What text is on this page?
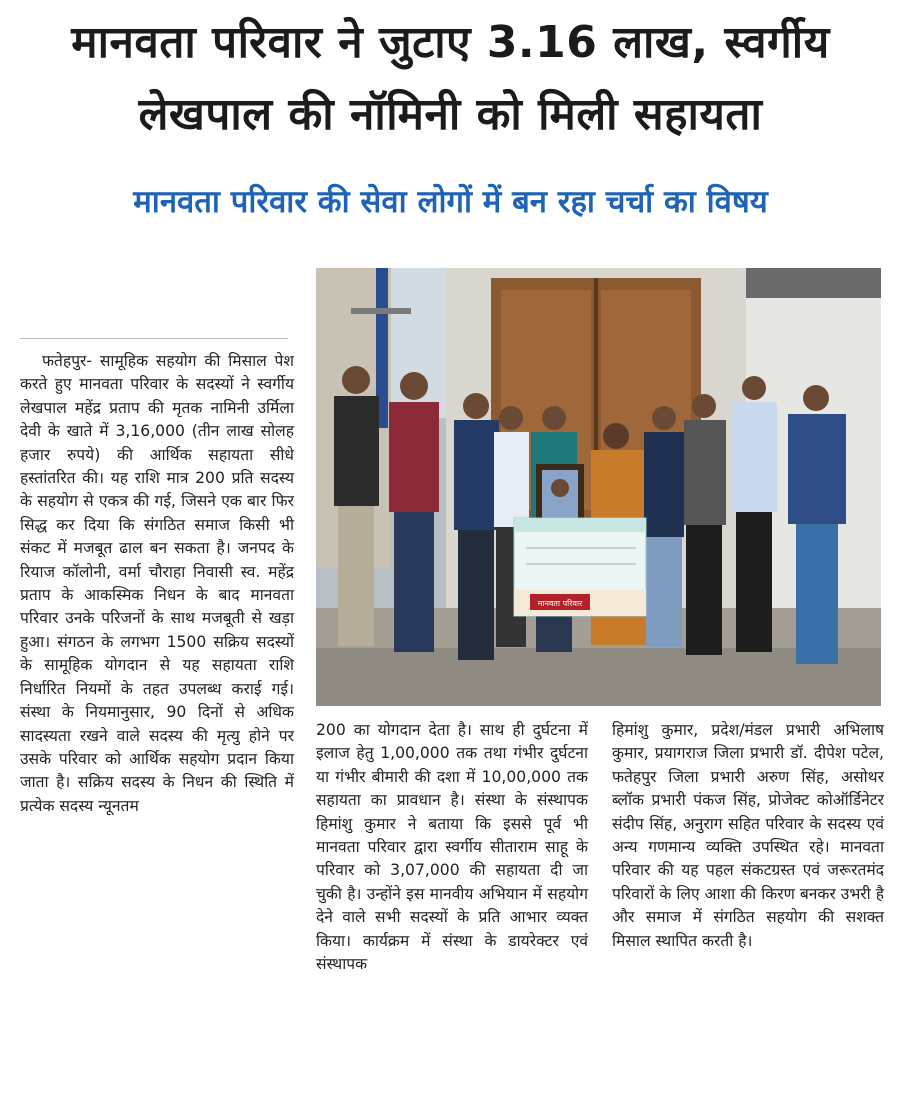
मानवता परिवार ने जुटाए 3.16 लाख, स्वर्गीय
लेखपाल की नॉमिनी को मिली सहायता
मानवता परिवार की सेवा लोगों में बन रहा चर्चा का विषय

फतेहपुर- सामूहिक सहयोग की मिसाल पेश करते हुए मानवता परिवार के सदस्यों ने स्वर्गीय लेखपाल महेंद्र प्रताप की मृतक नामिनी उर्मिला देवी के खाते में 3,16,000 (तीन लाख सोलह हजार रुपये) की आर्थिक सहायता सीधे हस्तांतरित की। यह राशि मात्र 200 प्रति सदस्य के सहयोग से एकत्र की गई, जिसने एक बार फिर सिद्ध कर दिया कि संगठित समाज किसी भी संकट में मजबूत ढाल बन सकता है। जनपद के रियाज कॉलोनी, वर्मा चौराहा निवासी स्व. महेंद्र प्रताप के आकस्मिक निधन के बाद मानवता परिवार उनके परिजनों के साथ मजबूती से खड़ा हुआ। संगठन के लगभग 1500 सक्रिय सदस्यों के सामूहिक योगदान से यह सहायता राशि निर्धारित नियमों के तहत उपलब्ध कराई गई। संस्था के नियमानुसार, 90 दिनों से अधिक सादस्यता रखने वाले सदस्य की मृत्यु होने पर उसके परिवार को आर्थिक सहयोग प्रदान किया जाता है। सक्रिय सदस्य के निधन की स्थिति में प्रत्येक सदस्य न्यूनतम

मानवता परिवार

200 का योगदान देता है। साथ ही दुर्घटना में इलाज हेतु 1,00,000 तक तथा गंभीर दुर्घटना या गंभीर बीमारी की दशा में 10,00,000 तक सहायता का प्रावधान है। संस्था के संस्थापक हिमांशु कुमार ने बताया कि इससे पूर्व भी मानवता परिवार द्वारा स्वर्गीय सीताराम साहू के परिवार को 3,07,000 की सहायता दी जा चुकी है। उन्होंने इस मानवीय अभियान में सहयोग देने वाले सभी सदस्यों के प्रति आभार व्यक्त किया। कार्यक्रम में संस्था के डायरेक्टर एवं संस्थापक

हिमांशु कुमार, प्रदेश/मंडल प्रभारी अभिलाष कुमार, प्रयागराज जिला प्रभारी डॉ. दीपेश पटेल, फतेहपुर जिला प्रभारी अरुण सिंह, असोथर ब्लॉक प्रभारी पंकज सिंह, प्रोजेक्ट कोऑर्डिनेटर संदीप सिंह, अनुराग सहित परिवार के सदस्य एवं अन्य गणमान्य व्यक्ति उपस्थित रहे। मानवता परिवार की यह पहल संकटग्रस्त एवं जरूरतमंद परिवारों के लिए आशा की किरण बनकर उभरी है और समाज में संगठित सहयोग की सशक्त मिसाल स्थापित करती है।
